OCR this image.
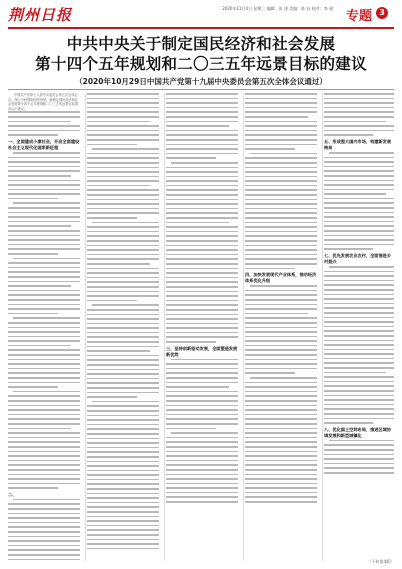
荆州日报	2020年11月4日 星期三 编辑：张 建 美编：陈 珏 校对：李 刚
专题 3
中共中央关于制定国民经济和社会发展
第十四个五年规划和二〇三五年远景目标的建议
（2020年10月29日中国共产党第十九届中央委员会第五次全体会议通过）

中国共产党第十九届中央委员会第五次全体会议，深入分析国际国内形势，就制定国民经济和社会发展第十四个五年规划和二〇三五年远景目标提出以下建议。

一、全面建成小康社会，开启全面建设社会主义现代化国家新征程
二、
三、坚持创新驱动发展，全面塑造发展新优势
四、加快发展现代产业体系，推动经济体系优化升级
五、形成强大国内市场，构建新发展格局
七、优先发展农业农村，全面推进乡村振兴
八、优化国土空间布局，推进区域协调发展和新型城镇化
（下转第4版）
